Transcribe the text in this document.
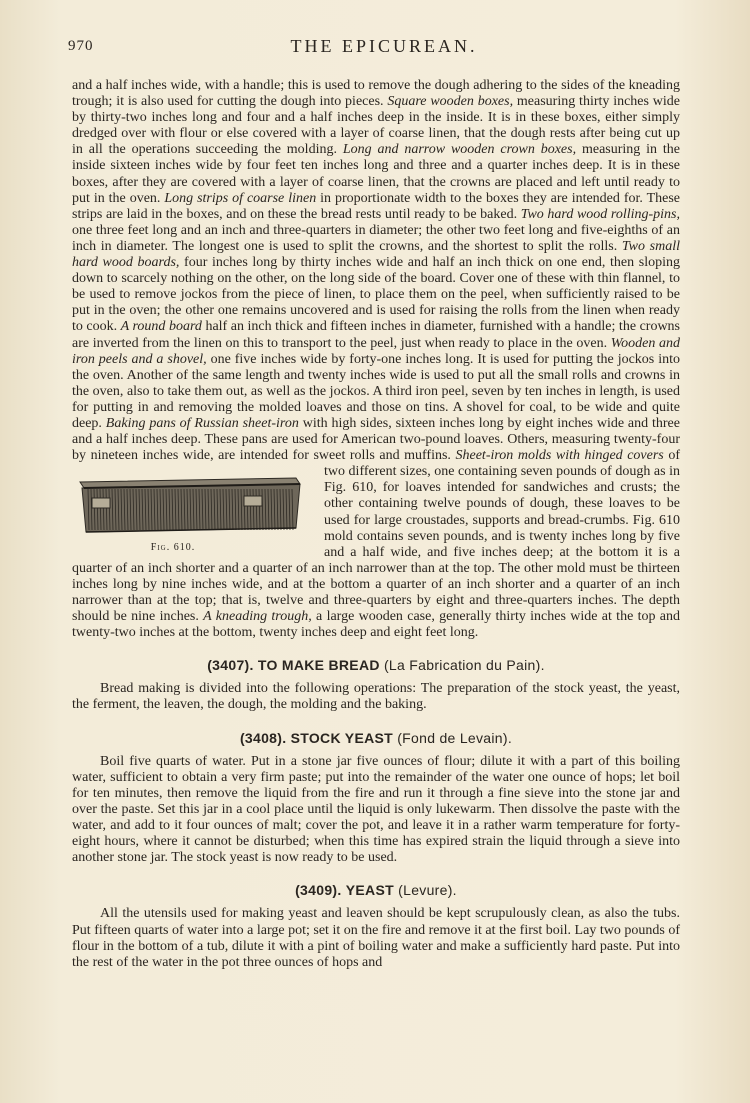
970	THE EPICUREAN.

and a half inches wide, with a handle; this is used to remove the dough adhering to the sides of the kneading trough; it is also used for cutting the dough into pieces. Square wooden boxes, measuring thirty inches wide by thirty-two inches long and four and a half inches deep in the inside. It is in these boxes, either simply dredged over with flour or else covered with a layer of coarse linen, that the dough rests after being cut up in all the operations succeeding the molding. Long and narrow wooden crown boxes, measuring in the inside sixteen inches wide by four feet ten inches long and three and a quarter inches deep. It is in these boxes, after they are covered with a layer of coarse linen, that the crowns are placed and left until ready to put in the oven. Long strips of coarse linen in proportionate width to the boxes they are intended for. These strips are laid in the boxes, and on these the bread rests until ready to be baked. Two hard wood rolling-pins, one three feet long and an inch and three-quarters in diameter; the other two feet long and five-eighths of an inch in diameter. The longest one is used to split the crowns, and the shortest to split the rolls. Two small hard wood boards, four inches long by thirty inches wide and half an inch thick on one end, then sloping down to scarcely nothing on the other, on the long side of the board. Cover one of these with thin flannel, to be used to remove jockos from the piece of linen, to place them on the peel, when sufficiently raised to be put in the oven; the other one remains uncovered and is used for raising the rolls from the linen when ready to cook. A round board half an inch thick and fifteen inches in diameter, furnished with a handle; the crowns are inverted from the linen on this to transport to the peel, just when ready to place in the oven. Wooden and iron peels and a shovel, one five inches wide by forty-one inches long. It is used for putting the jockos into the oven. Another of the same length and twenty inches wide is used to put all the small rolls and crowns in the oven, also to take them out, as well as the jockos. A third iron peel, seven by ten inches in length, is used for putting in and removing the molded loaves and those on tins. A shovel for coal, to be wide and quite deep. Baking pans of Russian sheet-iron with high sides, sixteen inches long by eight inches wide and three and a half inches deep. These pans are used for American two-pound loaves. Others, measuring twenty-four by nineteen inches wide, are intended for sweet rolls and muffins.
Fig. 610.
Sheet-iron molds with hinged covers of two different sizes, one containing seven pounds of dough as in Fig. 610, for loaves intended for sandwiches and crusts; the other containing twelve pounds of dough, these loaves to be used for large croustades, supports and bread-crumbs. Fig. 610 mold contains seven pounds, and is twenty inches long by five and a half wide, and five inches deep; at the bottom it is a quarter of an inch shorter and a quarter of an inch narrower than at the top. The other mold must be thirteen inches long by nine inches wide, and at the bottom a quarter of an inch shorter and a quarter of an inch narrower than at the top; that is, twelve and three-quarters by eight and three-quarters inches. The depth should be nine inches. A kneading trough, a large wooden case, generally thirty inches wide at the top and twenty-two inches at the bottom, twenty inches deep and eight feet long.

(3407). TO MAKE BREAD (La Fabrication du Pain).

Bread making is divided into the following operations: The preparation of the stock yeast, the yeast, the ferment, the leaven, the dough, the molding and the baking.

(3408). STOCK YEAST (Fond de Levain).

Boil five quarts of water. Put in a stone jar five ounces of flour; dilute it with a part of this boiling water, sufficient to obtain a very firm paste; put into the remainder of the water one ounce of hops; let boil for ten minutes, then remove the liquid from the fire and run it through a fine sieve into the stone jar and over the paste. Set this jar in a cool place until the liquid is only lukewarm. Then dissolve the paste with the water, and add to it four ounces of malt; cover the pot, and leave it in a rather warm temperature for forty-eight hours, where it cannot be disturbed; when this time has expired strain the liquid through a sieve into another stone jar. The stock yeast is now ready to be used.

(3409). YEAST (Levure).

All the utensils used for making yeast and leaven should be kept scrupulously clean, as also the tubs. Put fifteen quarts of water into a large pot; set it on the fire and remove it at the first boil. Lay two pounds of flour in the bottom of a tub, dilute it with a pint of boiling water and make a sufficiently hard paste. Put into the rest of the water in the pot three ounces of hops and
